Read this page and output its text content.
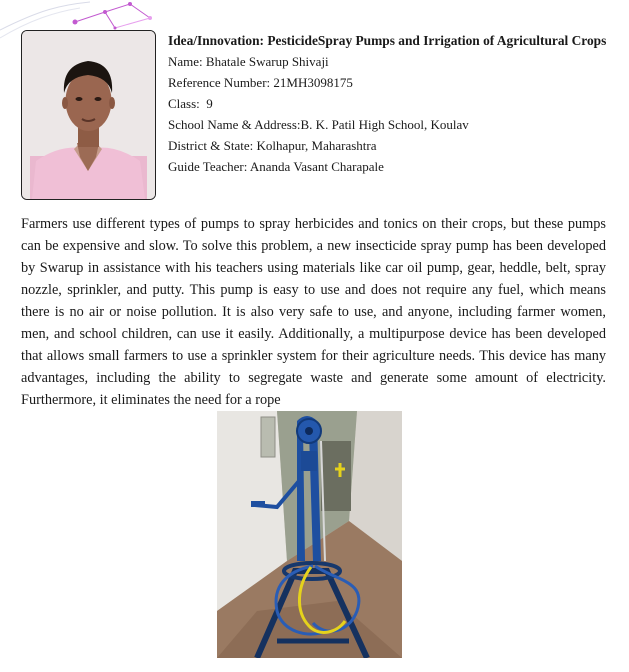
Idea/Innovation: PesticideSpray Pumps and Irrigation of Agricultural Crops
Name: Bhatale Swarup Shivaji
Reference Number: 21MH3098175
Class: 9
School Name & Address:B. K. Patil High School, Koulav
District & State: Kolhapur, Maharashtra
Guide Teacher: Ananda Vasant Charapale

Farmers use different types of pumps to spray herbicides and tonics on their crops, but these pumps can be expensive and slow. To solve this problem, a new insecticide spray pump has been developed by Swarup in assistance with his teachers using materials like car oil pump, gear, heddle, belt, spray nozzle, sprinkler, and putty. This pump is easy to use and does not require any fuel, which means there is no air or noise pollution. It is also very safe to use, and anyone, including farmer women, men, and school children, can use it easily. Additionally, a multipurpose device has been developed that allows small farmers to use a sprinkler system for their agriculture needs. This device has many advantages, including the ability to segregate waste and generate some amount of electricity. Furthermore, it eliminates the need for a rope
